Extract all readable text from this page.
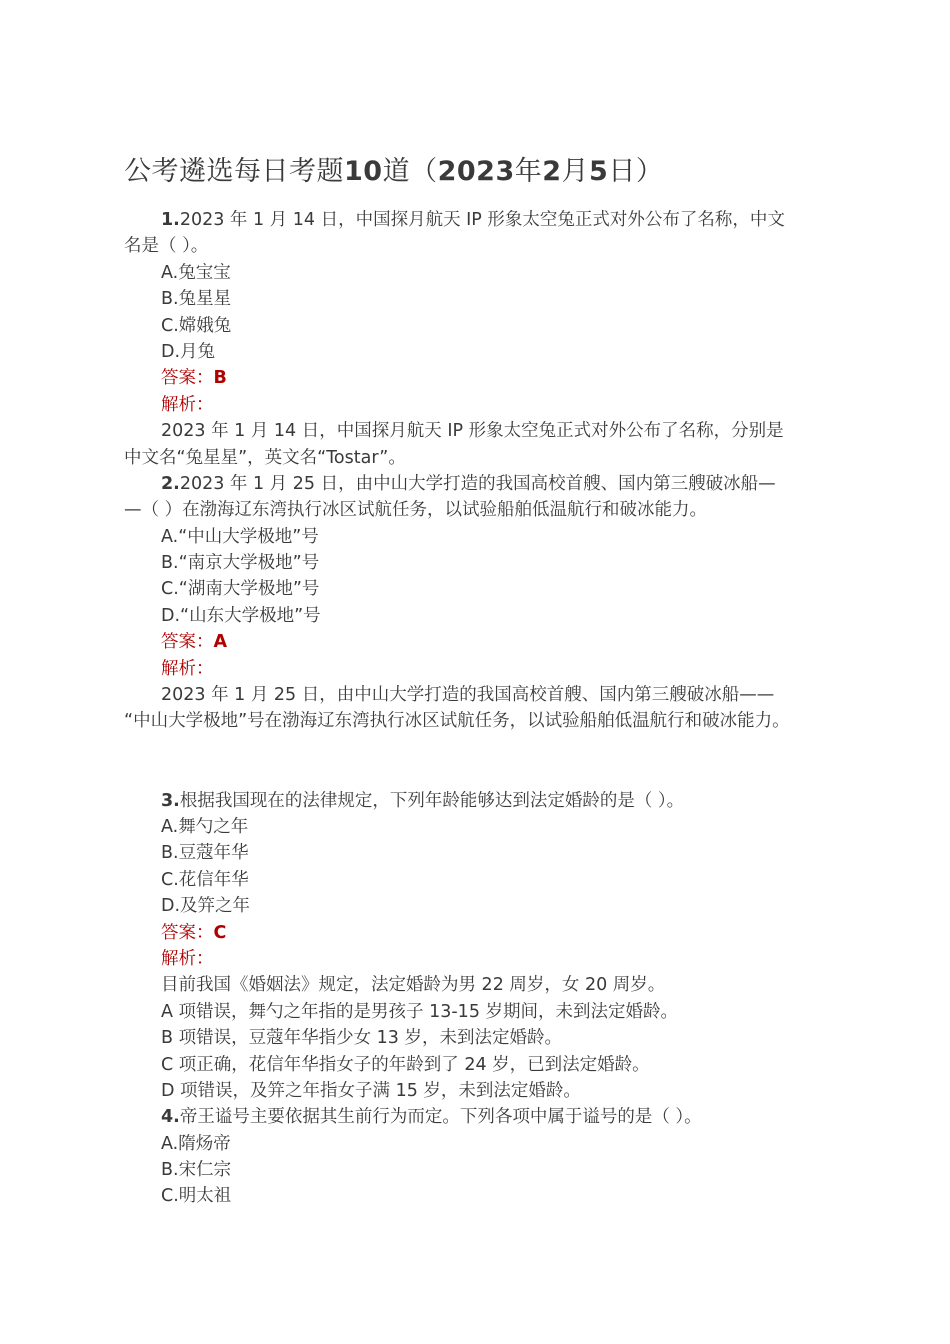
公考遴选每日考题10道（2023年2月5日）
1.2023 年 1 月 14 日，中国探月航天 IP 形象太空兔正式对外公布了名称，中文
名是（ ）。
A.兔宝宝
B.兔星星
C.嫦娥兔
D.月兔
答案：B
解析：
2023 年 1 月 14 日，中国探月航天 IP 形象太空兔正式对外公布了名称，分别是
中文名“兔星星”，英文名“Tostar”。
2.2023 年 1 月 25 日，由中山大学打造的我国高校首艘、国内第三艘破冰船—
—（ ）在渤海辽东湾执行冰区试航任务，以试验船舶低温航行和破冰能力。
A.“中山大学极地”号
B.“南京大学极地”号
C.“湖南大学极地”号
D.“山东大学极地”号
答案：A
解析：
2023 年 1 月 25 日，由中山大学打造的我国高校首艘、国内第三艘破冰船——
“中山大学极地”号在渤海辽东湾执行冰区试航任务，以试验船舶低温航行和破冰能力。
3.根据我国现在的法律规定，下列年龄能够达到法定婚龄的是（ ）。
A.舞勺之年
B.豆蔻年华
C.花信年华
D.及笄之年
答案：C
解析：
目前我国《婚姻法》规定，法定婚龄为男 22 周岁，女 20 周岁。
A 项错误，舞勺之年指的是男孩子 13-15 岁期间，未到法定婚龄。
B 项错误，豆蔻年华指少女 13 岁，未到法定婚龄。
C 项正确，花信年华指女子的年龄到了 24 岁，已到法定婚龄。
D 项错误，及笄之年指女子满 15 岁，未到法定婚龄。
4.帝王谥号主要依据其生前行为而定。下列各项中属于谥号的是（ ）。
A.隋炀帝
B.宋仁宗
C.明太祖
